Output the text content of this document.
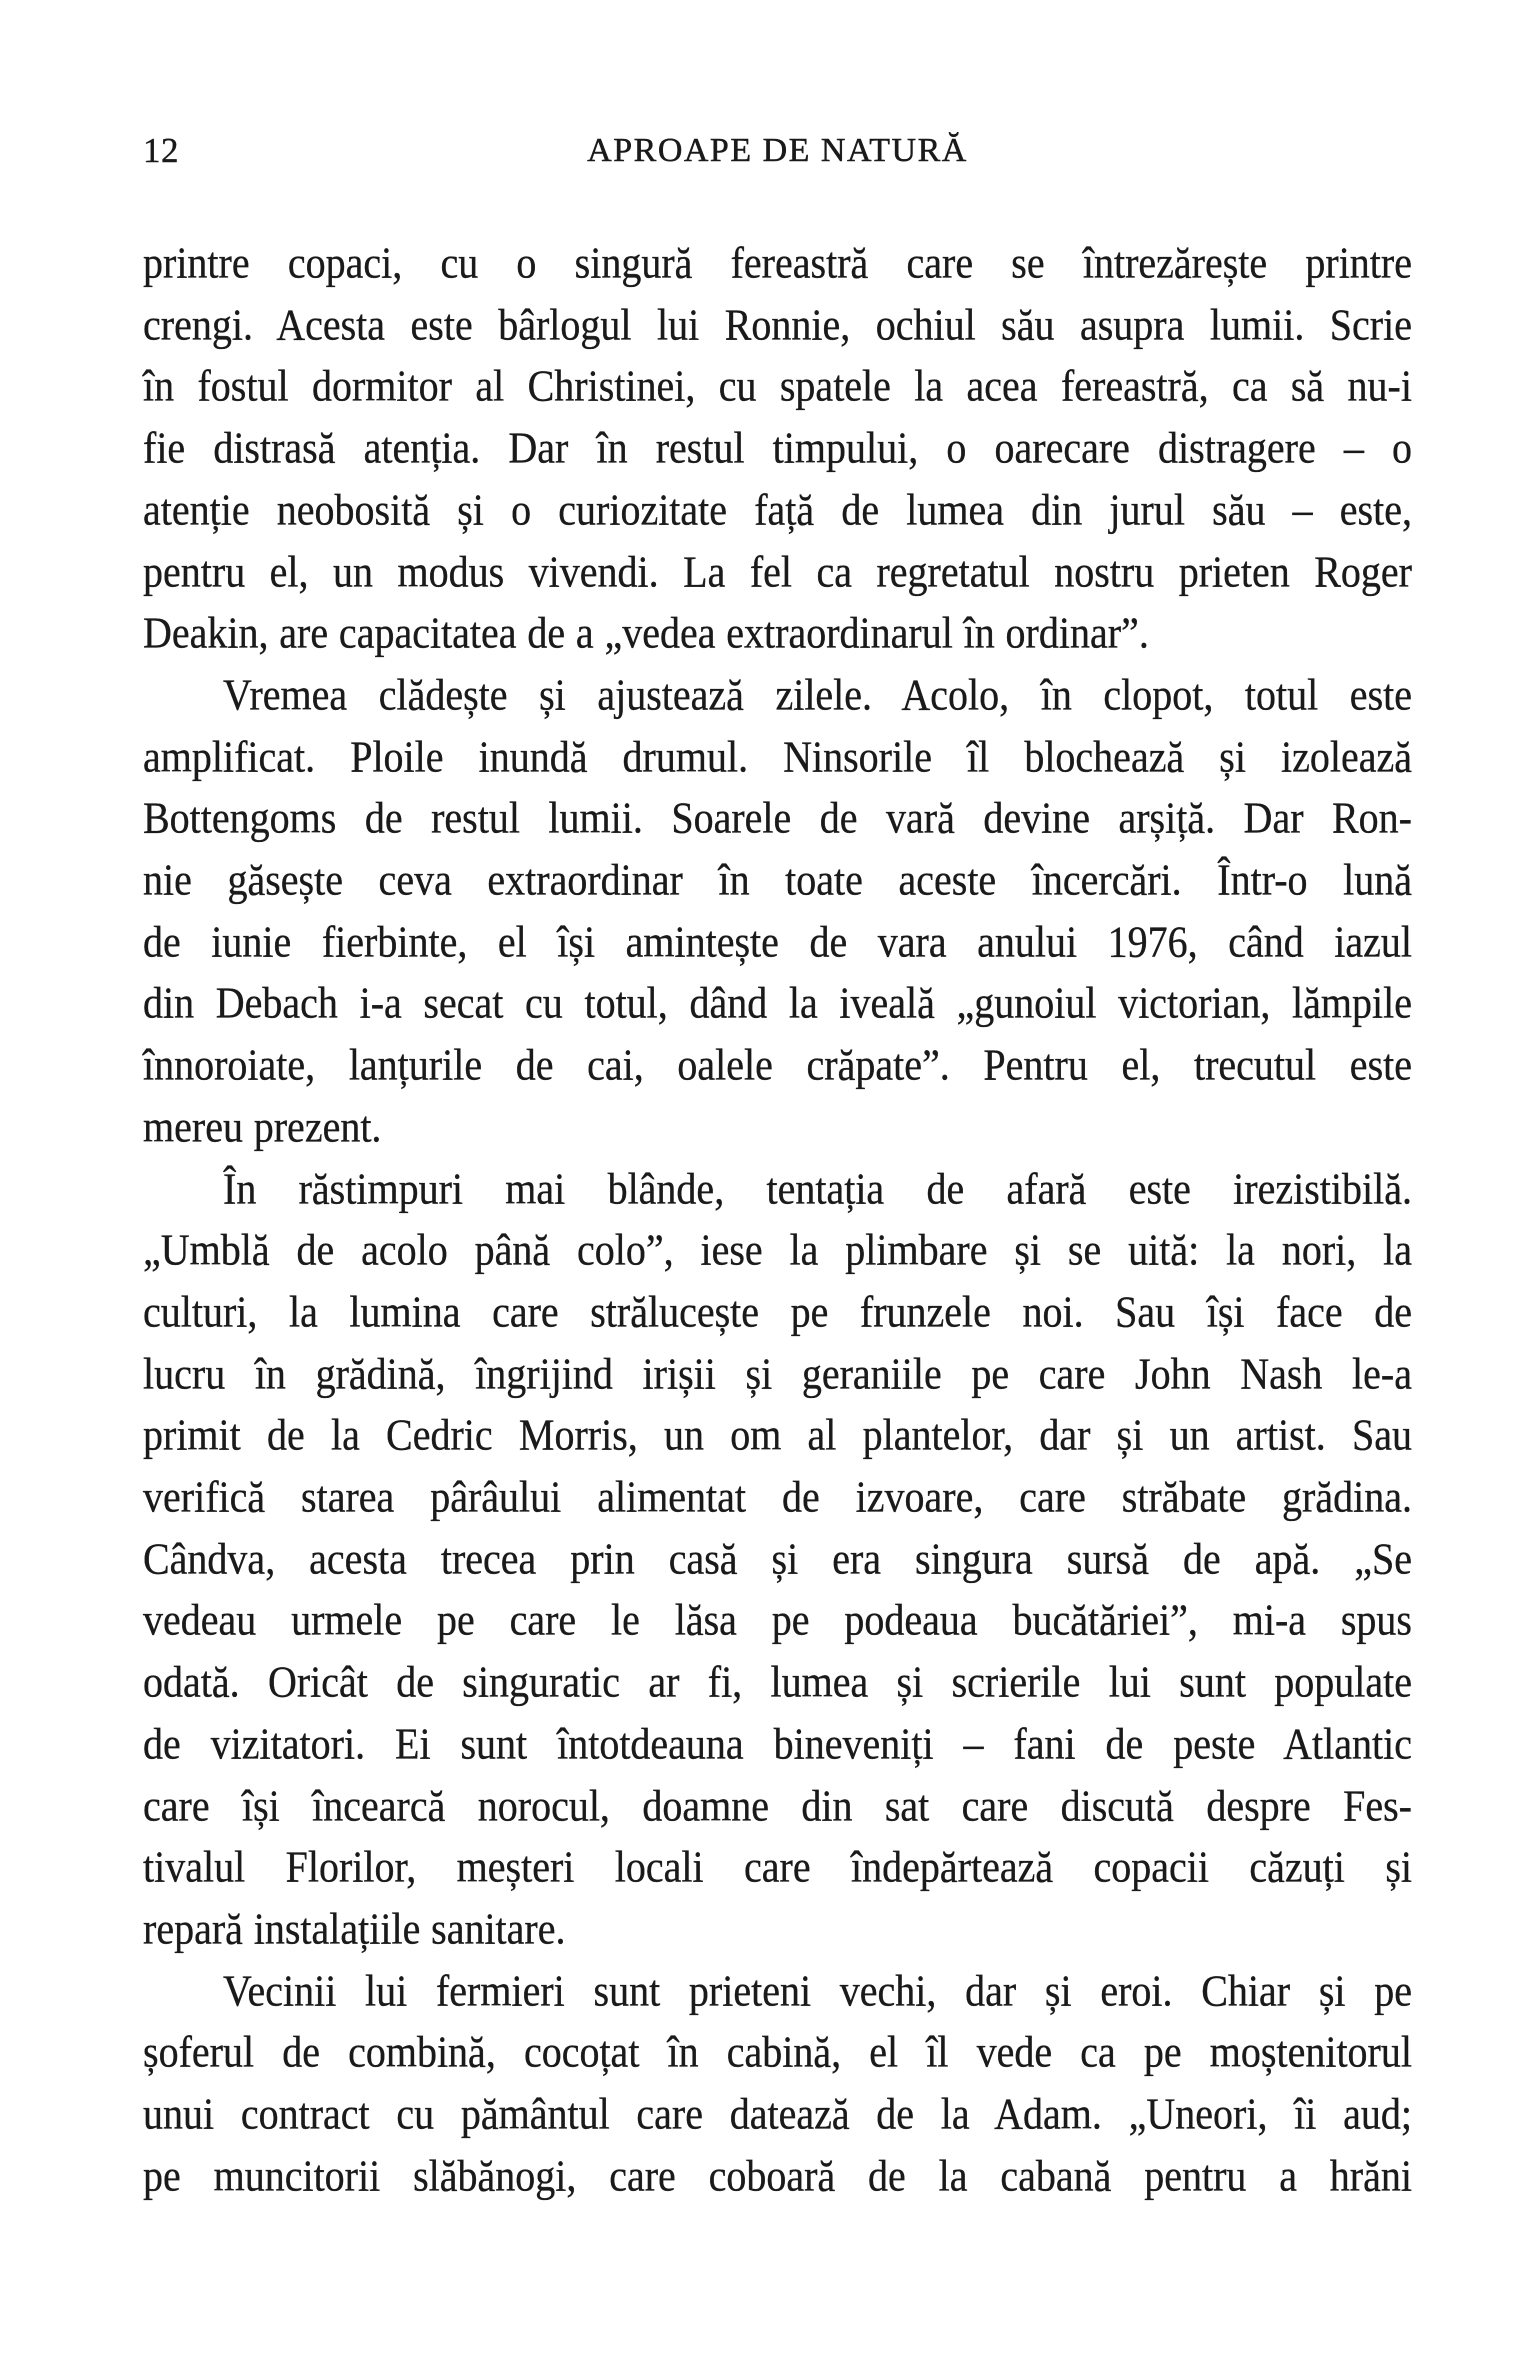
12	APROAPE DE NATURĂ
printre copaci, cu o singură fereastră care se întrezărește printre
crengi. Acesta este bârlogul lui Ronnie, ochiul său asupra lumii. Scrie
în fostul dormitor al Christinei, cu spatele la acea fereastră, ca să nu-i
fie distrasă atenția. Dar în restul timpului, o oarecare distragere – o
atenție neobosită și o curiozitate față de lumea din jurul său – este,
pentru el, un modus vivendi. La fel ca regretatul nostru prieten Roger
Deakin, are capacitatea de a „vedea extraordinarul în ordinar”.
Vremea clădește și ajustează zilele. Acolo, în clopot, totul este
amplificat. Ploile inundă drumul. Ninsorile îl blochează și izolează
Bottengoms de restul lumii. Soarele de vară devine arșiță. Dar Ron-
nie găsește ceva extraordinar în toate aceste încercări. Într-o lună
de iunie fierbinte, el își amintește de vara anului 1976, când iazul
din Debach i-a secat cu totul, dând la iveală „gunoiul victorian, lămpile
înnoroiate, lanțurile de cai, oalele crăpate”. Pentru el, trecutul este
mereu prezent.
În răstimpuri mai blânde, tentația de afară este irezistibilă.
„Umblă de acolo până colo”, iese la plimbare și se uită: la nori, la
culturi, la lumina care strălucește pe frunzele noi. Sau își face de
lucru în grădină, îngrijind irișii și geraniile pe care John Nash le-a
primit de la Cedric Morris, un om al plantelor, dar și un artist. Sau
verifică starea pârâului alimentat de izvoare, care străbate grădina.
Cândva, acesta trecea prin casă și era singura sursă de apă. „Se
vedeau urmele pe care le lăsa pe podeaua bucătăriei”, mi-a spus
odată. Oricât de singuratic ar fi, lumea și scrierile lui sunt populate
de vizitatori. Ei sunt întotdeauna bineveniți – fani de peste Atlantic
care își încearcă norocul, doamne din sat care discută despre Fes-
tivalul Florilor, meșteri locali care îndepărtează copacii căzuți și
repară instalațiile sanitare.
Vecinii lui fermieri sunt prieteni vechi, dar și eroi. Chiar și pe
șoferul de combină, cocoțat în cabină, el îl vede ca pe moștenitorul
unui contract cu pământul care datează de la Adam. „Uneori, îi aud;
pe muncitorii slăbănogi, care coboară de la cabană pentru a hrăni
